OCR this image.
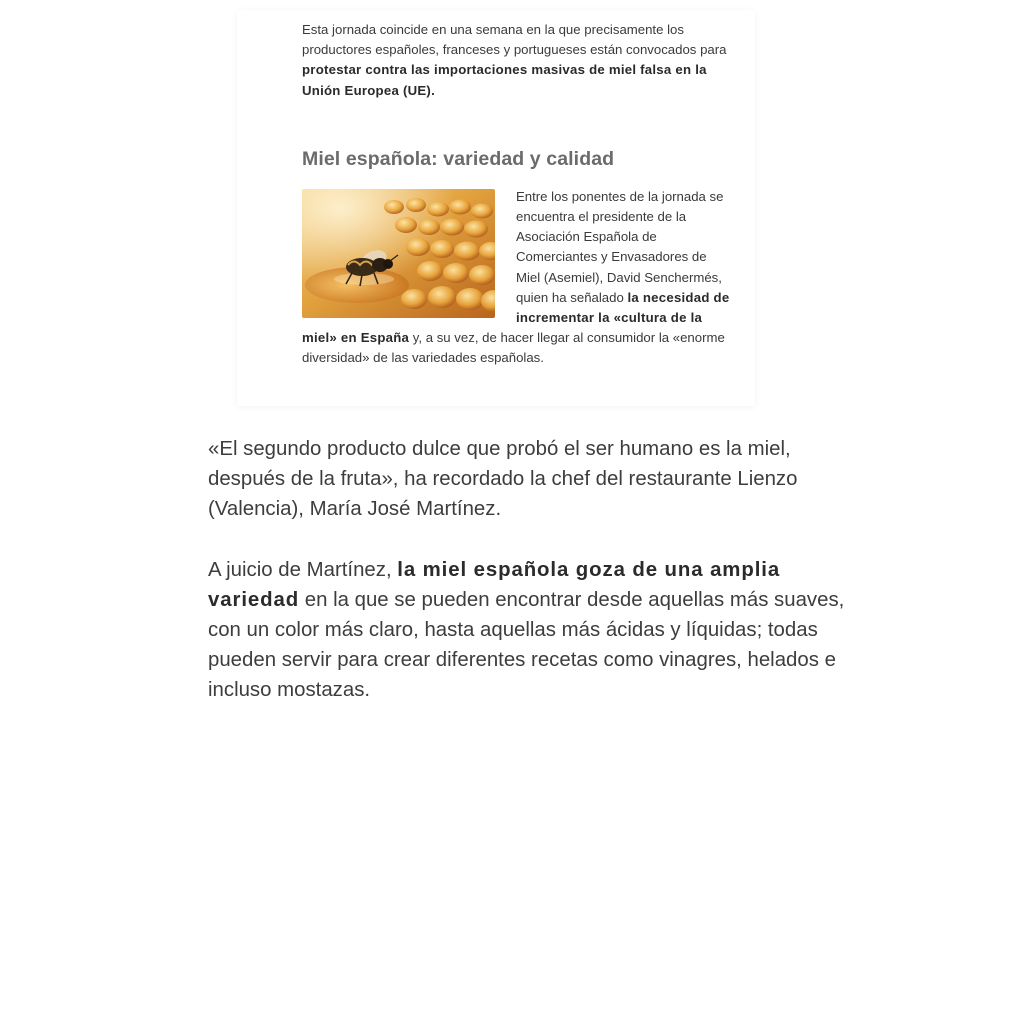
Esta jornada coincide en una semana en la que precisamente los productores españoles, franceses y portugueses están convocados para protestar contra las importaciones masivas de miel falsa en la Unión Europea (UE).

Miel española: variedad y calidad

Entre los ponentes de la jornada se encuentra el presidente de la Asociación Española de Comerciantes y Envasadores de Miel (Asemiel), David Senchermés, quien ha señalado la necesidad de incrementar la «cultura de la miel» en España y, a su vez, de hacer llegar al consumidor la «enorme diversidad» de las variedades españolas.

«El segundo producto dulce que probó el ser humano es la miel, después de la fruta», ha recordado la chef del restaurante Lienzo (Valencia), María José Martínez.

A juicio de Martínez, la miel española goza de una amplia variedad en la que se pueden encontrar desde aquellas más suaves, con un color más claro, hasta aquellas más ácidas y líquidas; todas pueden servir para crear diferentes recetas como vinagres, helados e incluso mostazas.
